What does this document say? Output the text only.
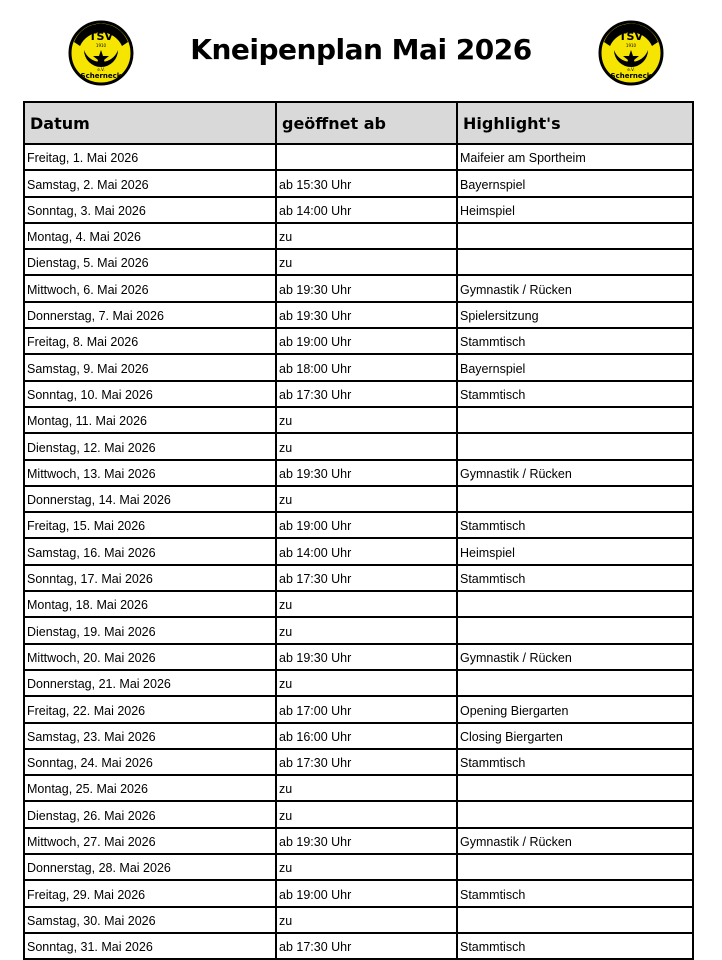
TSV
1910
Scherneck
e.V.
Kneipenplan Mai 2026	TSV
1910
Scherneck
e.V.
Datum	geöffnet ab	Highlight's
Freitag, 1. Mai 2026		Maifeier am Sportheim
Samstag, 2. Mai 2026	ab 15:30 Uhr	Bayernspiel
Sonntag, 3. Mai 2026	ab 14:00 Uhr	Heimspiel
Montag, 4. Mai 2026	zu	
Dienstag, 5. Mai 2026	zu	
Mittwoch, 6. Mai 2026	ab 19:30 Uhr	Gymnastik / Rücken
Donnerstag, 7. Mai 2026	ab 19:30 Uhr	Spielersitzung
Freitag, 8. Mai 2026	ab 19:00 Uhr	Stammtisch
Samstag, 9. Mai 2026	ab 18:00 Uhr	Bayernspiel
Sonntag, 10. Mai 2026	ab 17:30 Uhr	Stammtisch
Montag, 11. Mai 2026	zu	
Dienstag, 12. Mai 2026	zu	
Mittwoch, 13. Mai 2026	ab 19:30 Uhr	Gymnastik / Rücken
Donnerstag, 14. Mai 2026	zu	
Freitag, 15. Mai 2026	ab 19:00 Uhr	Stammtisch
Samstag, 16. Mai 2026	ab 14:00 Uhr	Heimspiel
Sonntag, 17. Mai 2026	ab 17:30 Uhr	Stammtisch
Montag, 18. Mai 2026	zu	
Dienstag, 19. Mai 2026	zu	
Mittwoch, 20. Mai 2026	ab 19:30 Uhr	Gymnastik / Rücken
Donnerstag, 21. Mai 2026	zu	
Freitag, 22. Mai 2026	ab 17:00 Uhr	Opening Biergarten
Samstag, 23. Mai 2026	ab 16:00 Uhr	Closing Biergarten
Sonntag, 24. Mai 2026	ab 17:30 Uhr	Stammtisch
Montag, 25. Mai 2026	zu	
Dienstag, 26. Mai 2026	zu	
Mittwoch, 27. Mai 2026	ab 19:30 Uhr	Gymnastik / Rücken
Donnerstag, 28. Mai 2026	zu	
Freitag, 29. Mai 2026	ab 19:00 Uhr	Stammtisch
Samstag, 30. Mai 2026	zu	
Sonntag, 31. Mai 2026	ab 17:30 Uhr	Stammtisch
